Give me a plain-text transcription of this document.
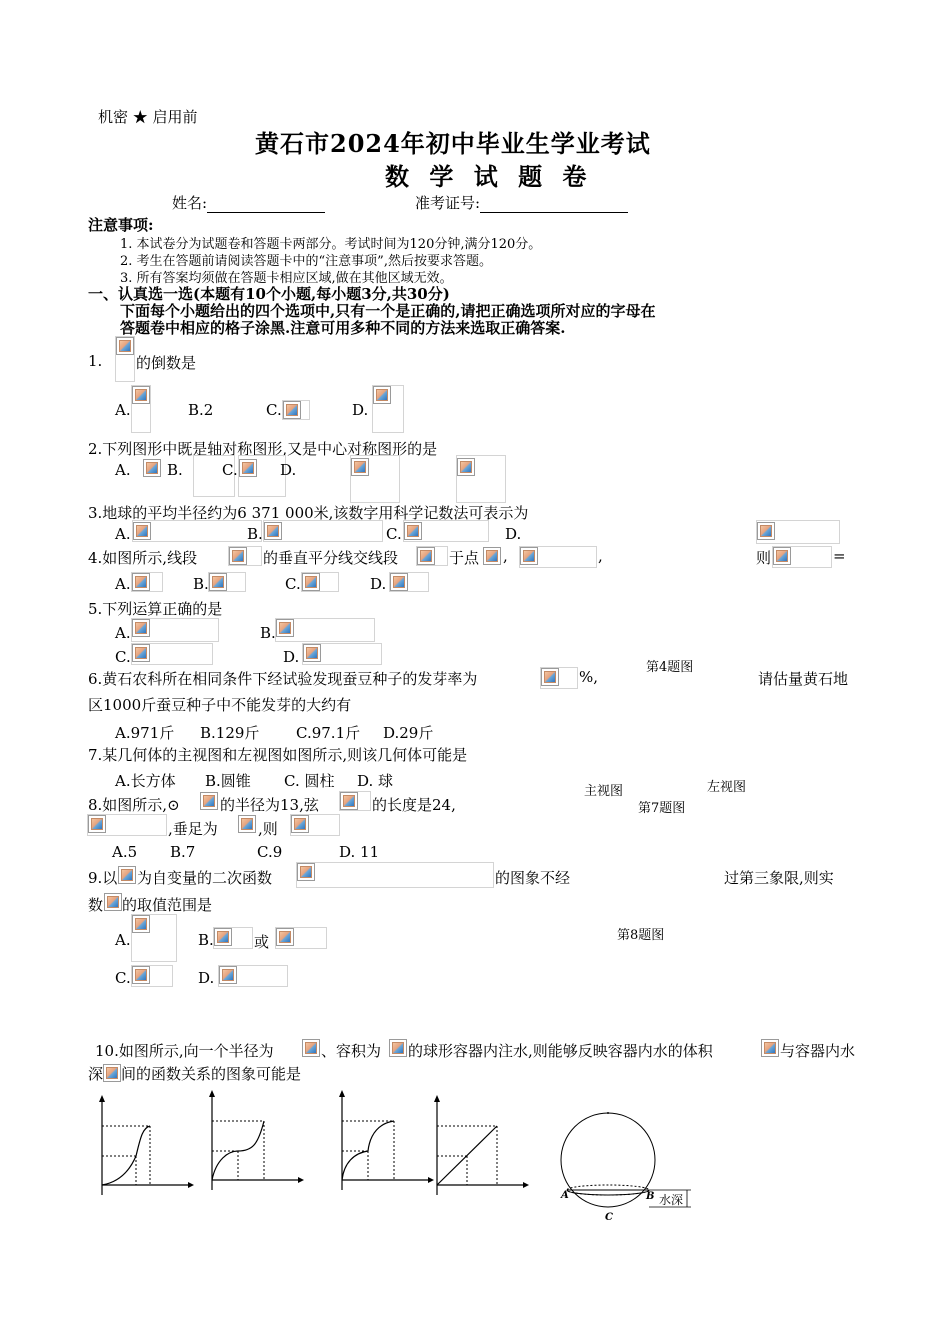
机密 ★ 启用前
黄石市2024年初中毕业生学业考试
数 学 试 题 卷
姓名:	准考证号:
注意事项:
1. 本试卷分为试题卷和答题卡两部分。考试时间为120分钟,满分120分。
2. 考生在答题前请阅读答题卡中的“注意事项”,然后按要求答题。
3. 所有答案均须做在答题卡相应区域,做在其他区域无效。
一、认真选一选(本题有10个小题,每小题3分,共30分)
下面每个小题给出的四个选项中,只有一个是正确的,请把正确选项所对应的字母在
答题卷中相应的格子涂黑.注意可用多种不同的方法来选取正确答案.
1. 的倒数是
A.	B.2	C.	D.
2.下列图形中既是轴对称图形,又是中心对称图形的是
A. B.	C.	D.
3.地球的平均半径约为6 371 000米,该数字用科学记数法可表示为
A.	B.	C.	D.
4.如图所示,线段	的垂直平分线交线段	于点 ,	,	则	=
A.	B.	C.	D.
5.下列运算正确的是
A.	B.
C.	D.
第4题图
6.黄石农科所在相同条件下经试验发现蚕豆种子的发芽率为	%,	请估量黄石地
区1000斤蚕豆种子中不能发芽的大约有
A.971斤 B.129斤 C.97.1斤 D.29斤
7.某几何体的主视图和左视图如图所示,则该几何体可能是
A.长方体 B.圆锥 C. 圆柱 D. 球
主视图	左视图
第7题图
8.如图所示,⊙	的半径为13,弦	的长度是24,
,垂足为	,则
A.5 B.7	C.9	D. 11
9.以 为自变量的二次函数	的图象不经	过第三象限,则实
数 的取值范围是
第8题图
A.	B.	或
C.	D.
10.如图所示,向一个半径为	、容积为 的球形容器内注水,则能够反映容器内水的体积	与容器内水
深 间的函数关系的图象可能是
A	B
C
水深
